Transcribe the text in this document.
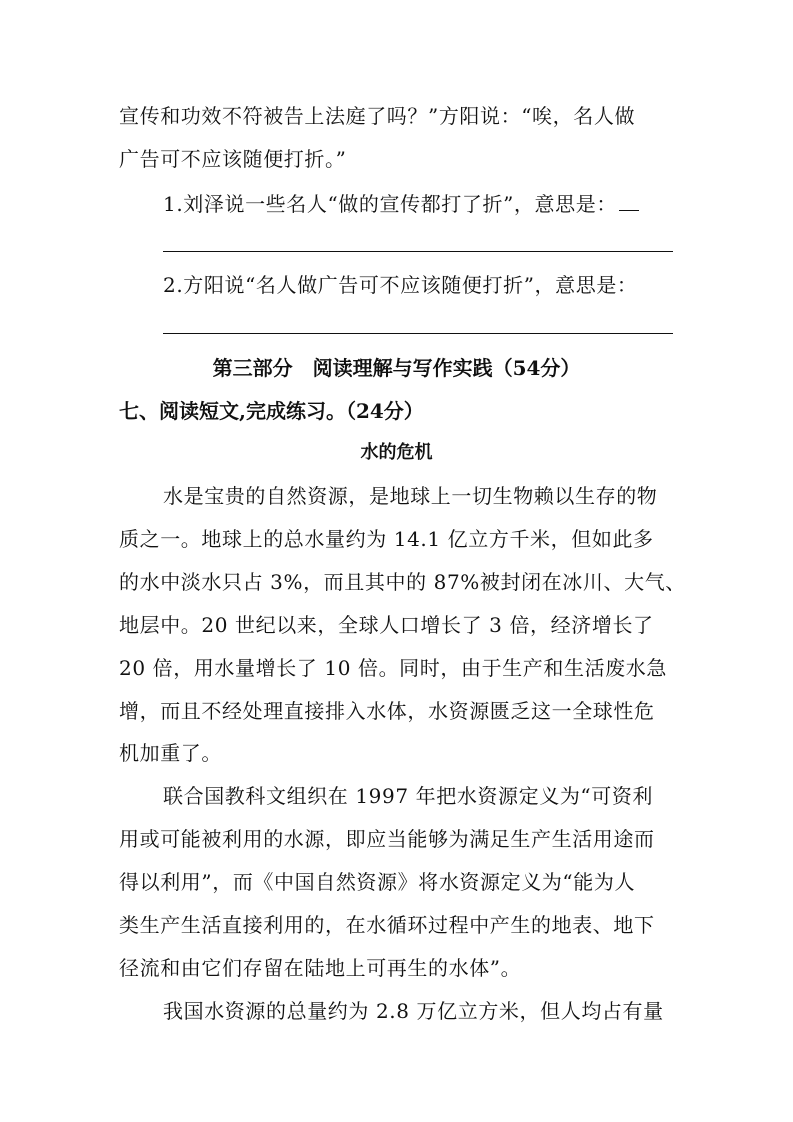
宣传和功效不符被告上法庭了吗？”方阳说：“唉，名人做
广告可不应该随便打折。”
1.刘泽说一些名人“做的宣传都打了折”，意思是：
2.方阳说“名人做广告可不应该随便打折”，意思是：
第三部分　阅读理解与写作实践（54分）
七、阅读短文,完成练习。（24分）
水的危机
水是宝贵的自然资源，是地球上一切生物赖以生存的物
质之一。地球上的总水量约为 14.1 亿立方千米，但如此多
的水中淡水只占 3%，而且其中的 87%被封闭在冰川、大气、
地层中。20 世纪以来，全球人口增长了 3 倍，经济增长了
20 倍，用水量增长了 10 倍。同时，由于生产和生活废水急
增，而且不经处理直接排入水体，水资源匮乏这一全球性危
机加重了。
联合国教科文组织在 1997 年把水资源定义为“可资利
用或可能被利用的水源，即应当能够为满足生产生活用途而
得以利用”，而《中国自然资源》将水资源定义为“能为人
类生产生活直接利用的，在水循环过程中产生的地表、地下
径流和由它们存留在陆地上可再生的水体”。
我国水资源的总量约为 2.8 万亿立方米，但人均占有量
